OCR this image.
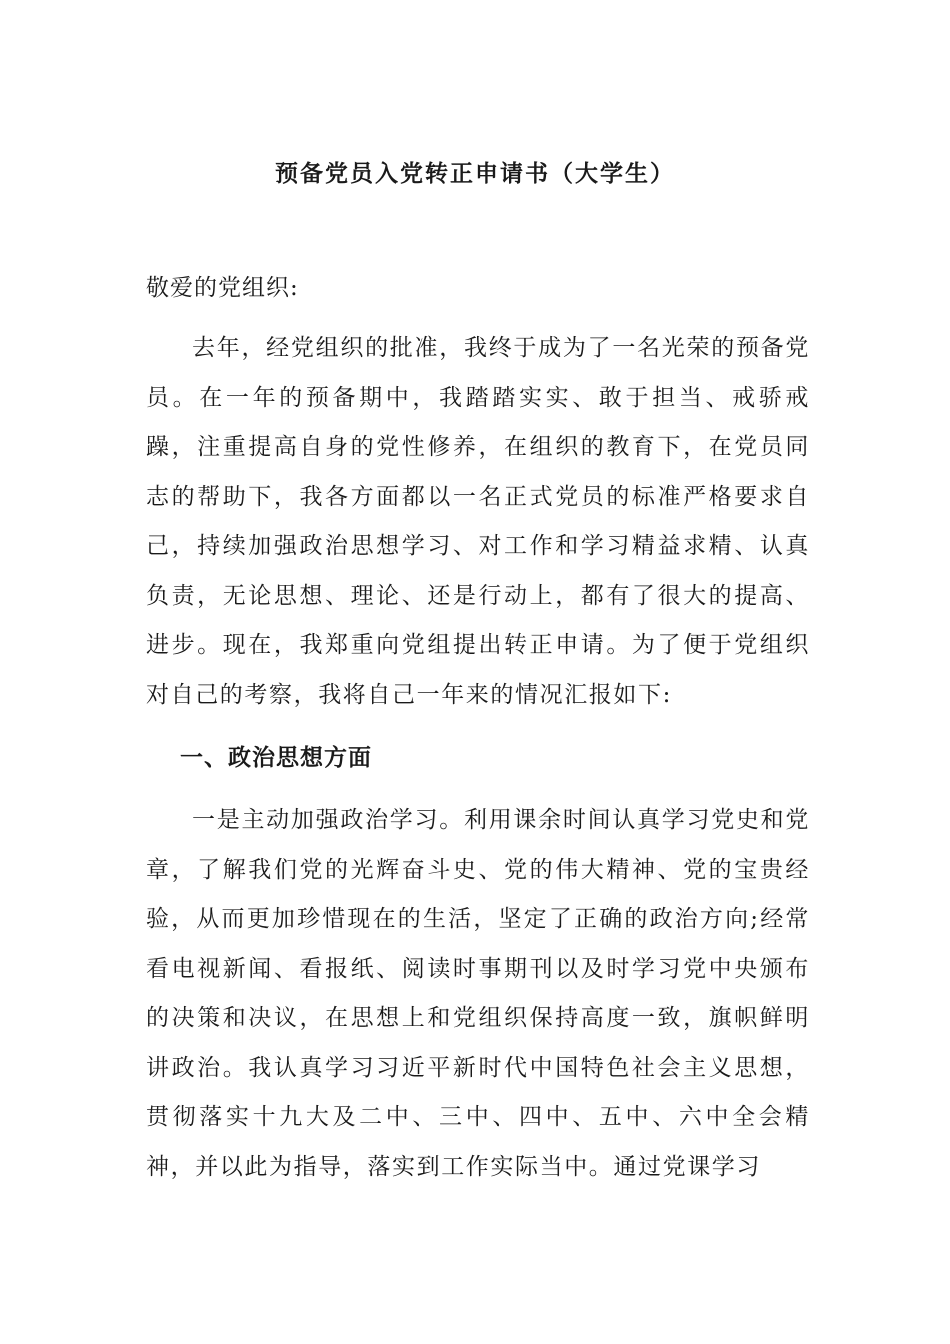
预备党员入党转正申请书（大学生）
敬爱的党组织:
去年，经党组织的批准，我终于成为了一名光荣的预备党员。在一年的预备期中，我踏踏实实、敢于担当、戒骄戒躁，注重提高自身的党性修养，在组织的教育下，在党员同志的帮助下，我各方面都以一名正式党员的标准严格要求自己，持续加强政治思想学习、对工作和学习精益求精、认真负责，无论思想、理论、还是行动上，都有了很大的提高、进步。现在，我郑重向党组提出转正申请。为了便于党组织对自己的考察，我将自己一年来的情况汇报如下:
一、政治思想方面
一是主动加强政治学习。利用课余时间认真学习党史和党章，了解我们党的光辉奋斗史、党的伟大精神、党的宝贵经验，从而更加珍惜现在的生活，坚定了正确的政治方向;经常看电视新闻、看报纸、阅读时事期刊以及时学习党中央颁布的决策和决议，在思想上和党组织保持高度一致，旗帜鲜明讲政治。我认真学习习近平新时代中国特色社会主义思想，贯彻落实十九大及二中、三中、四中、五中、六中全会精神，并以此为指导，落实到工作实际当中。通过党课学习
